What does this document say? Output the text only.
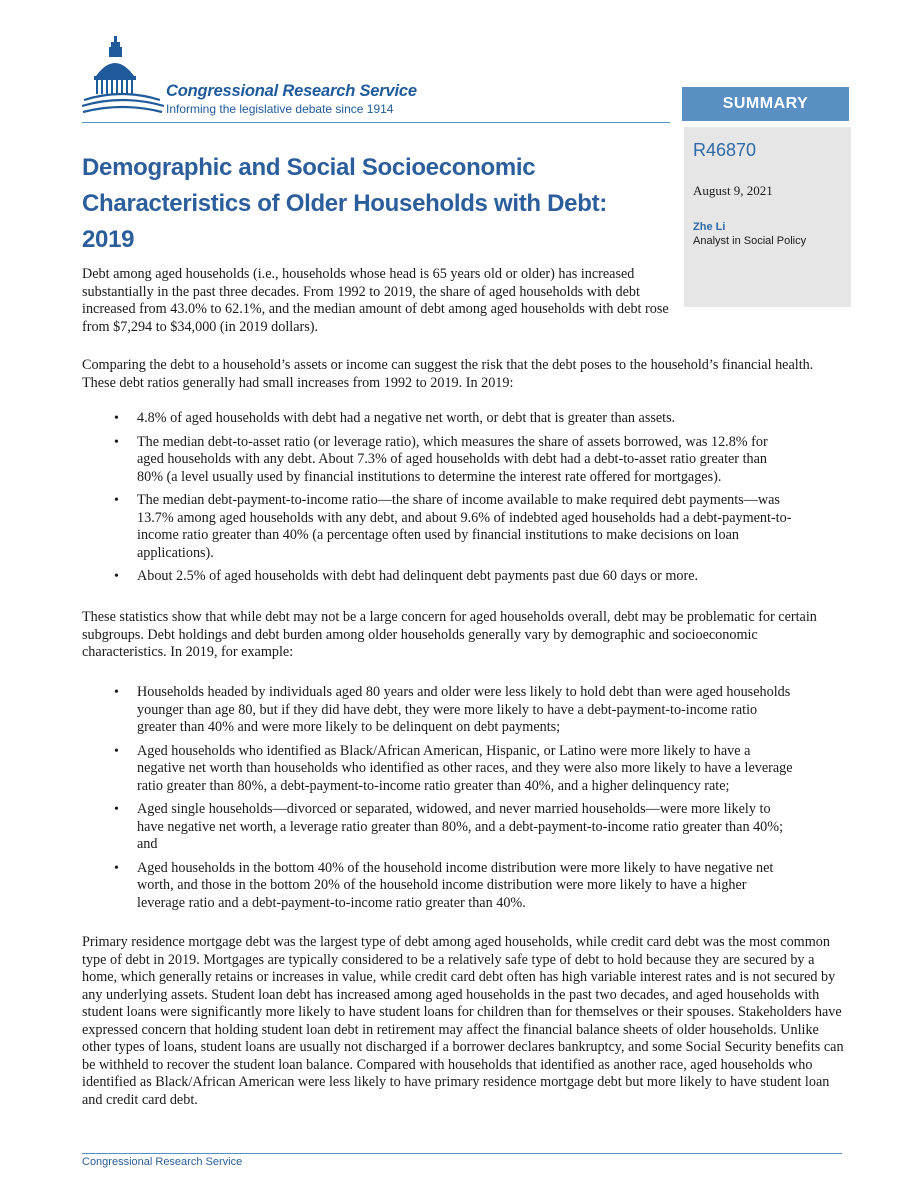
Congressional Research Service
Informing the legislative debate since 1914	SUMMARY
R46870
August 9, 2021
Zhe Li
Analyst in Social Policy
Demographic and Social Socioeconomic
Characteristics of Older Households with Debt:
2019
Debt among aged households (i.e., households whose head is 65 years old or older) has increased substantially in the past three decades. From 1992 to 2019, the share of aged households with debt increased from 43.0% to 62.1%, and the median amount of debt among aged households with debt rose from $7,294 to $34,000 (in 2019 dollars).
Comparing the debt to a household’s assets or income can suggest the risk that the debt poses to the household’s financial health. These debt ratios generally had small increases from 1992 to 2019. In 2019:
• 4.8% of aged households with debt had a negative net worth, or debt that is greater than assets.
• The median debt-to-asset ratio (or leverage ratio), which measures the share of assets borrowed, was 12.8% for aged households with any debt. About 7.3% of aged households with debt had a debt-to-asset ratio greater than 80% (a level usually used by financial institutions to determine the interest rate offered for mortgages).
• The median debt-payment-to-income ratio—the share of income available to make required debt payments—was 13.7% among aged households with any debt, and about 9.6% of indebted aged households had a debt-payment-to-income ratio greater than 40% (a percentage often used by financial institutions to make decisions on loan applications).
• About 2.5% of aged households with debt had delinquent debt payments past due 60 days or more.
These statistics show that while debt may not be a large concern for aged households overall, debt may be problematic for certain subgroups. Debt holdings and debt burden among older households generally vary by demographic and socioeconomic characteristics. In 2019, for example:
• Households headed by individuals aged 80 years and older were less likely to hold debt than were aged households younger than age 80, but if they did have debt, they were more likely to have a debt-payment-to-income ratio greater than 40% and were more likely to be delinquent on debt payments;
• Aged households who identified as Black/African American, Hispanic, or Latino were more likely to have a negative net worth than households who identified as other races, and they were also more likely to have a leverage ratio greater than 80%, a debt-payment-to-income ratio greater than 40%, and a higher delinquency rate;
• Aged single households—divorced or separated, widowed, and never married households—were more likely to have negative net worth, a leverage ratio greater than 80%, and a debt-payment-to-income ratio greater than 40%; and
• Aged households in the bottom 40% of the household income distribution were more likely to have negative net worth, and those in the bottom 20% of the household income distribution were more likely to have a higher leverage ratio and a debt-payment-to-income ratio greater than 40%.
Primary residence mortgage debt was the largest type of debt among aged households, while credit card debt was the most common type of debt in 2019. Mortgages are typically considered to be a relatively safe type of debt to hold because they are secured by a home, which generally retains or increases in value, while credit card debt often has high variable interest rates and is not secured by any underlying assets. Student loan debt has increased among aged households in the past two decades, and aged households with student loans were significantly more likely to have student loans for children than for themselves or their spouses. Stakeholders have expressed concern that holding student loan debt in retirement may affect the financial balance sheets of older households. Unlike other types of loans, student loans are usually not discharged if a borrower declares bankruptcy, and some Social Security benefits can be withheld to recover the student loan balance. Compared with households that identified as another race, aged households who identified as Black/African American were less likely to have primary residence mortgage debt but more likely to have student loan and credit card debt.
Congressional Research Service
